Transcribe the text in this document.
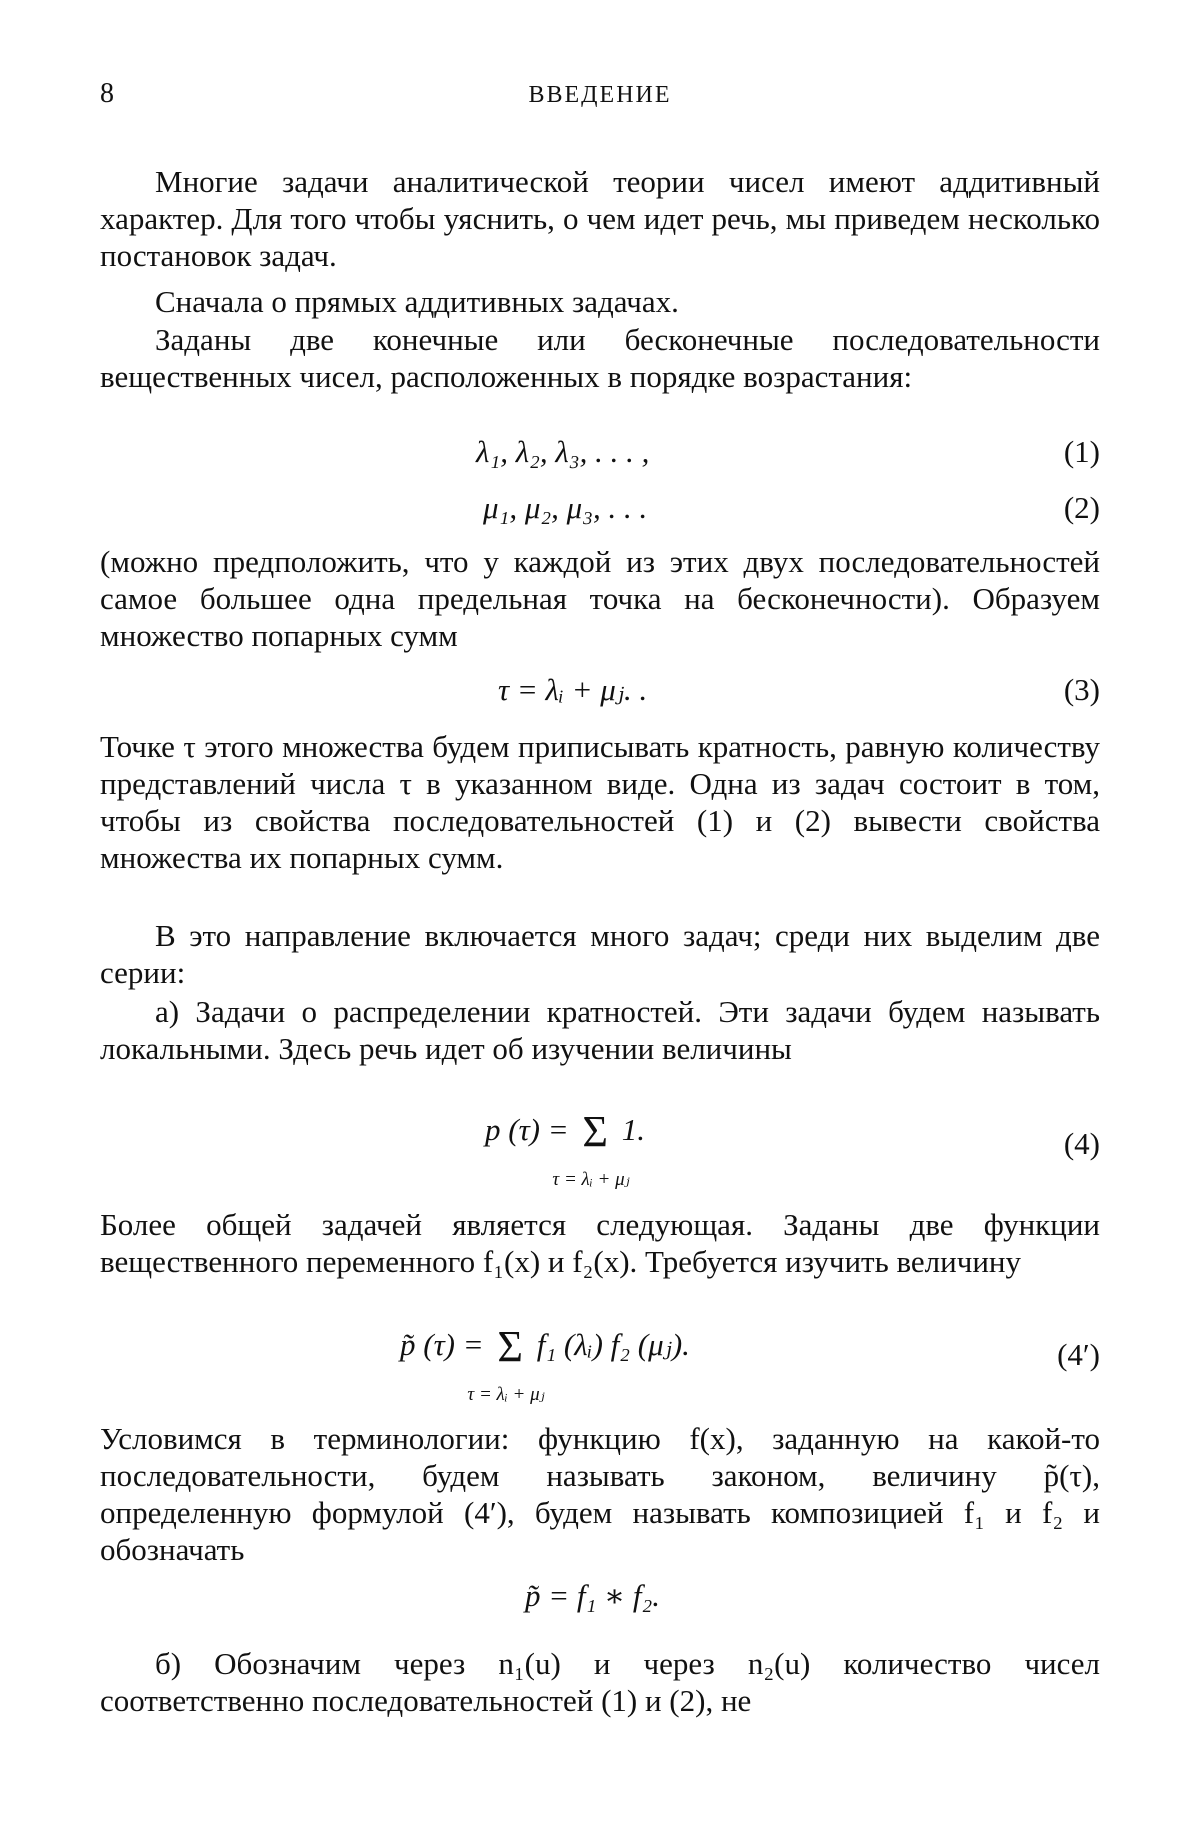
8	ВВЕДЕНИЕ

Многие задачи аналитической теории чисел имеют аддитивный характер. Для того чтобы уяснить, о чем идет речь, мы приведем несколько постановок задач.

Сначала о прямых аддитивных задачах.

Заданы две конечные или бесконечные последовательности вещественных чисел, расположенных в порядке возрастания:

λ₁, λ₂, λ₃, . . . ,	(1)
μ₁, μ₂, μ₃, . . .	(2)

(можно предположить, что у каждой из этих двух последовательностей самое большее одна предельная точка на бесконечности). Образуем множество попарных сумм

τ = λᵢ + μⱼ. .	(3)

Точке τ этого множества будем приписывать кратность, равную количеству представлений числа τ в указанном виде. Одна из задач состоит в том, чтобы из свойства последовательностей (1) и (2) вывести свойства множества их попарных сумм.

В это направление включается много задач; среди них выделим две серии:

а) Задачи о распределении кратностей. Эти задачи будем называть локальными. Здесь речь идет об изучении величины

p (τ) = Σ
τ = λᵢ + μⱼ
1.	(4)

Более общей задачей является следующая. Заданы две функции вещественного переменного f₁(x) и f₂(x). Требуется изучить величину

p̃ (τ) = Σ
τ = λᵢ + μⱼ
f₁ (λᵢ) f₂ (μⱼ).	(4′)

Условимся в терминологии: функцию f(x), заданную на какой-то последовательности, будем называть законом, величину p̃(τ), определенную формулой (4′), будем называть композицией f₁ и f₂ и обозначать

p̃ = f₁ ∗ f₂.

б) Обозначим через n₁(u) и через n₂(u) количество чисел соответственно последовательностей (1) и (2), не
